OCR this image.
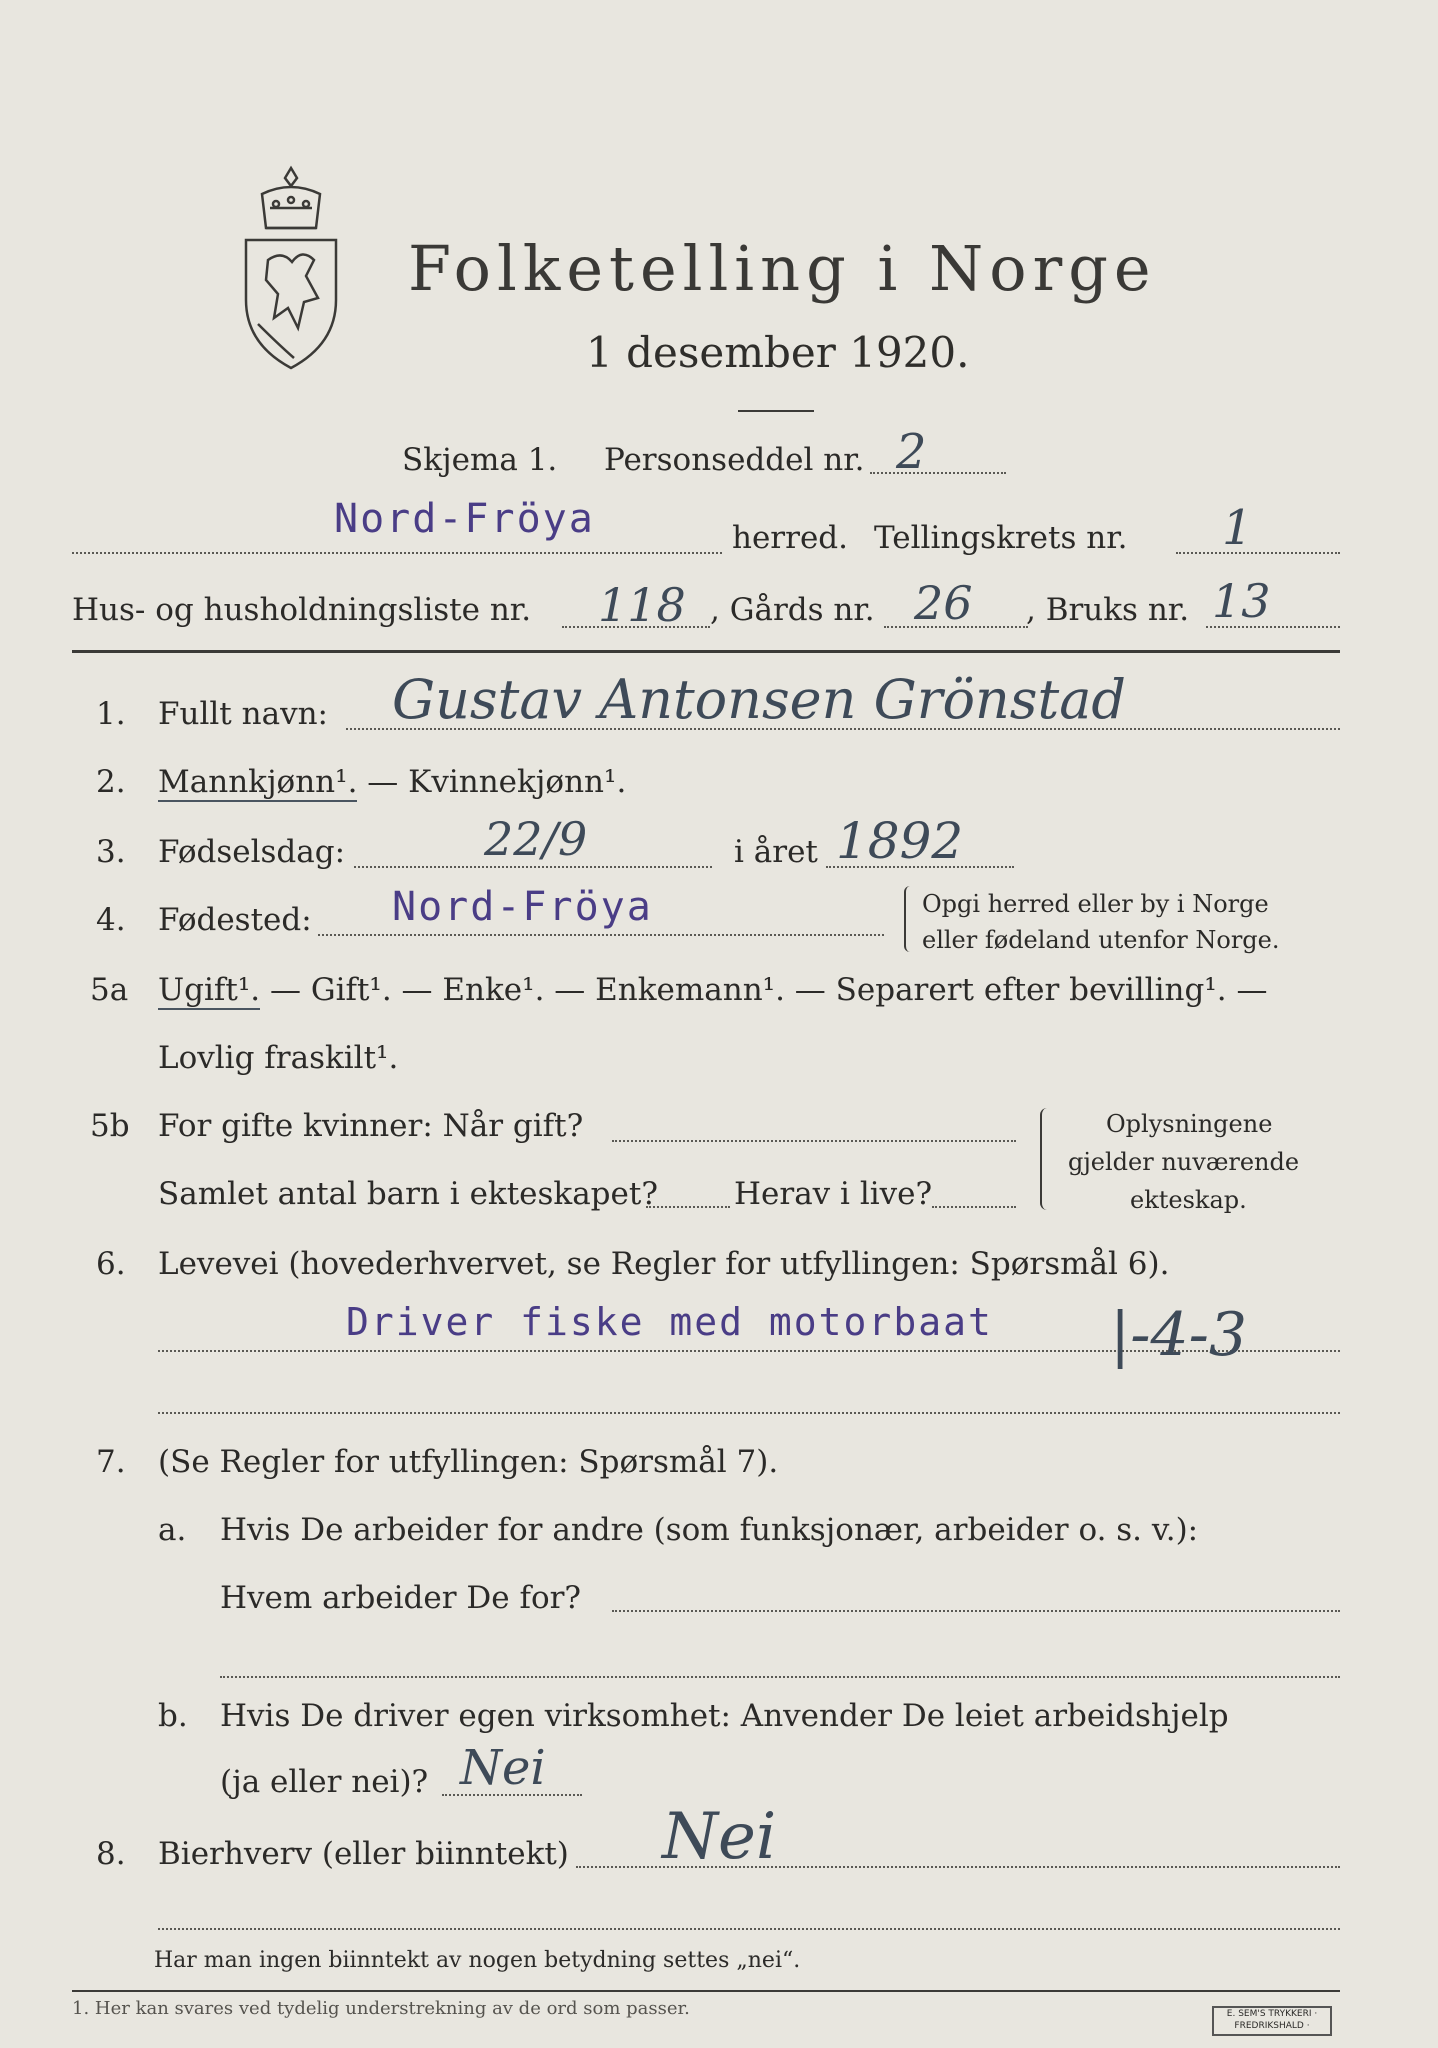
Folketelling i Norge
1 desember 1920.
Skjema 1. Personseddel nr. 2
Nord-Fröya	herred. Tellingskrets nr. 1
Hus- og husholdningsliste nr. 118 , Gårds nr. 26 , Bruks nr. 13
1. Fullt navn: Gustav Antonsen Grönstad
2. Mannkjønn¹. — Kvinnekjønn¹.
3. Fødselsdag:	22/9	i året 1892
4. Fødested: Nord-Fröya	Opgi herred eller by i Norge
eller fødeland utenfor Norge.
5a Ugift¹. — Gift¹. — Enke¹. — Enkemann¹. — Separert efter bevilling¹. —
Lovlig fraskilt¹.
5b For gifte kvinner: Når gift?
Samlet antal barn i ekteskapet? Herav i live?
Oplysningene
gjelder nuværende
ekteskap.
6. Levevei (hovederhvervet, se Regler for utfyllingen: Spørsmål 6).
Driver fiske med motorbaat |-4-3
7. (Se Regler for utfyllingen: Spørsmål 7).
a. Hvis De arbeider for andre (som funksjonær, arbeider o. s. v.):
Hvem arbeider De for?
b. Hvis De driver egen virksomhet: Anvender De leiet arbeidshjelp
(ja eller nei)? Nei
8. Bierhverv (eller biinntekt) Nei
Har man ingen biinntekt av nogen betydning settes „nei“.
1. Her kan svares ved tydelig understrekning av de ord som passer.	E. SEM'S TRYKKERI · FREDRIKSHALD ·
